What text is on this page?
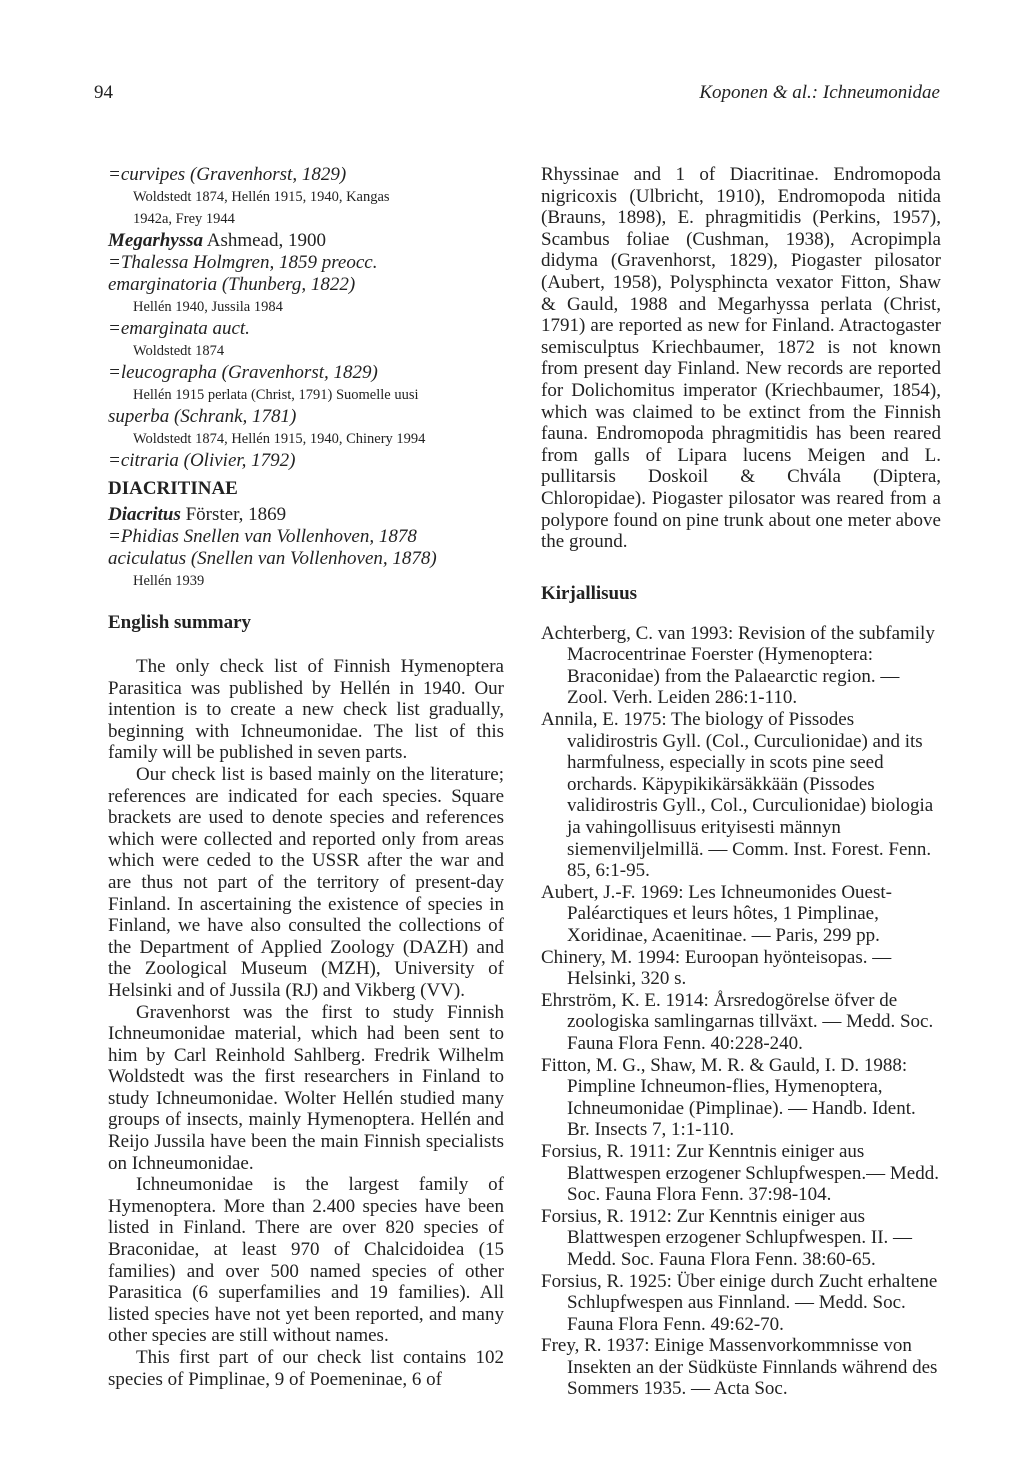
94	Koponen & al.: Ichneumonidae

=curvipes (Gravenhorst, 1829)

Woldstedt 1874, Hellén 1915, 1940, Kangas

1942a, Frey 1944

Megarhyssa Ashmead, 1900

=Thalessa Holmgren, 1859 preocc.

emarginatoria (Thunberg, 1822)

Hellén 1940, Jussila 1984

=emarginata auct.

Woldstedt 1874

=leucographa (Gravenhorst, 1829)

Hellén 1915 perlata (Christ, 1791) Suomelle uusi

superba (Schrank, 1781)

Woldstedt 1874, Hellén 1915, 1940, Chinery 1994

=citraria (Olivier, 1792)

DIACRITINAE

Diacritus Förster, 1869

=Phidias Snellen van Vollenhoven, 1878

aciculatus (Snellen van Vollenhoven, 1878)

Hellén 1939

English summary

The only check list of Finnish Hymenoptera Parasitica was published by Hellén in 1940. Our intention is to create a new check list gradually, beginning with Ichneumonidae. The list of this family will be published in seven parts.

Our check list is based mainly on the literature; references are indicated for each species. Square brackets are used to denote species and references which were collected and reported only from areas which were ceded to the USSR after the war and are thus not part of the territory of present-day Finland. In ascertaining the existence of species in Finland, we have also consulted the collections of the Department of Applied Zoology (DAZH) and the Zoological Museum (MZH), University of Helsinki and of Jussila (RJ) and Vikberg (VV).

Gravenhorst was the first to study Finnish Ichneumonidae material, which had been sent to him by Carl Reinhold Sahlberg. Fredrik Wilhelm Woldstedt was the first researchers in Finland to study Ichneumonidae. Wolter Hellén studied many groups of insects, mainly Hymenoptera. Hellén and Reijo Jussila have been the main Finnish specialists on Ichneumonidae.

Ichneumonidae is the largest family of Hymenoptera. More than 2.400 species have been listed in Finland. There are over 820 species of Braconidae, at least 970 of Chalcidoidea (15 families) and over 500 named species of other Parasitica (6 superfamilies and 19 families). All listed species have not yet been reported, and many other species are still without names.

This first part of our check list contains 102 species of Pimplinae, 9 of Poemeninae, 6 of

Rhyssinae and 1 of Diacritinae. Endromopoda nigricoxis (Ulbricht, 1910), Endromopoda nitida (Brauns, 1898), E. phragmitidis (Perkins, 1957), Scambus foliae (Cushman, 1938), Acropimpla didyma (Gravenhorst, 1829), Piogaster pilosator (Aubert, 1958), Polysphincta vexator Fitton, Shaw & Gauld, 1988 and Megarhyssa perlata (Christ, 1791) are reported as new for Finland. Atractogaster semisculptus Kriechbaumer, 1872 is not known from present day Finland. New records are reported for Dolichomitus imperator (Kriechbaumer, 1854), which was claimed to be extinct from the Finnish fauna. Endromopoda phragmitidis has been reared from galls of Lipara lucens Meigen and L. pullitarsis Doskoil & Chvála (Diptera, Chloropidae). Piogaster pilosator was reared from a polypore found on pine trunk about one meter above the ground.

Kirjallisuus

Achterberg, C. van 1993: Revision of the subfamily Macrocentrinae Foerster (Hymenoptera: Braconidae) from the Palaearctic region. — Zool. Verh. Leiden 286:1-110.

Annila, E. 1975: The biology of Pissodes validirostris Gyll. (Col., Curculionidae) and its harmfulness, especially in scots pine seed orchards. Käpypikikärsäkkään (Pissodes validirostris Gyll., Col., Curculionidae) biologia ja vahingollisuus erityisesti männyn siemenviljelmillä. — Comm. Inst. Forest. Fenn. 85, 6:1-95.

Aubert, J.-F. 1969: Les Ichneumonides Ouest-Paléarctiques et leurs hôtes, 1 Pimplinae, Xoridinae, Acaenitinae. — Paris, 299 pp.

Chinery, M. 1994: Euroopan hyönteisopas. — Helsinki, 320 s.

Ehrström, K. E. 1914: Årsredogörelse öfver de zoologiska samlingarnas tillväxt. — Medd. Soc. Fauna Flora Fenn. 40:228-240.

Fitton, M. G., Shaw, M. R. & Gauld, I. D. 1988: Pimpline Ichneumon-flies, Hymenoptera, Ichneumonidae (Pimplinae). — Handb. Ident. Br. Insects 7, 1:1-110.

Forsius, R. 1911: Zur Kenntnis einiger aus Blattwespen erzogener Schlupfwespen.— Medd. Soc. Fauna Flora Fenn. 37:98-104.

Forsius, R. 1912: Zur Kenntnis einiger aus Blattwespen erzogener Schlupfwespen. II. — Medd. Soc. Fauna Flora Fenn. 38:60-65.

Forsius, R. 1925: Über einige durch Zucht erhaltene Schlupfwespen aus Finnland. — Medd. Soc. Fauna Flora Fenn. 49:62-70.

Frey, R. 1937: Einige Massenvorkommnisse von Insekten an der Südküste Finnlands während des Sommers 1935. — Acta Soc.
